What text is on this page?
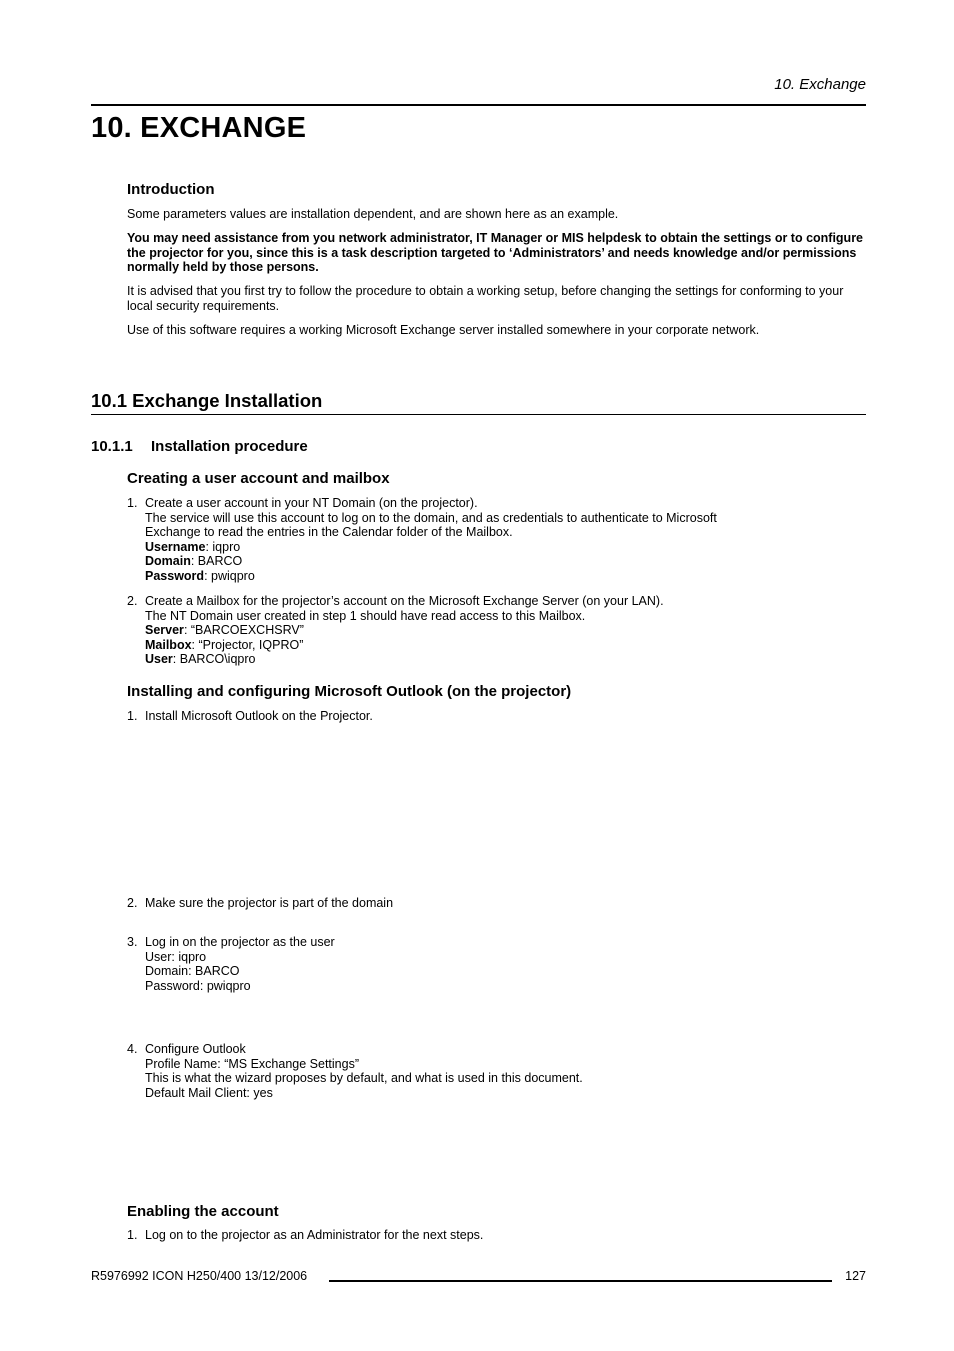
10. Exchange
10. EXCHANGE
Introduction
Some parameters values are installation dependent, and are shown here as an example.
You may need assistance from you network administrator, IT Manager or MIS helpdesk to obtain the settings or to configure the projector for you, since this is a task description targeted to ‘Administrators’ and needs knowledge and/or permissions normally held by those persons.
It is advised that you first try to follow the procedure to obtain a working setup, before changing the settings for conforming to your local security requirements.
Use of this software requires a working Microsoft Exchange server installed somewhere in your corporate network.
10.1 Exchange Installation
10.1.1 Installation procedure
Creating a user account and mailbox
1. Create a user account in your NT Domain (on the projector).
The service will use this account to log on to the domain, and as credentials to authenticate to Microsoft
Exchange to read the entries in the Calendar folder of the Mailbox.
Username: iqpro
Domain: BARCO
Password: pwiqpro
2. Create a Mailbox for the projector’s account on the Microsoft Exchange Server (on your LAN).
The NT Domain user created in step 1 should have read access to this Mailbox.
Server: “BARCOEXCHSRV”
Mailbox: “Projector, IQPRO”
User: BARCO\iqpro
Installing and configuring Microsoft Outlook (on the projector)
1. Install Microsoft Outlook on the Projector.
2. Make sure the projector is part of the domain
3. Log in on the projector as the user
User: iqpro
Domain: BARCO
Password: pwiqpro
4. Configure Outlook
Profile Name: “MS Exchange Settings”
This is what the wizard proposes by default, and what is used in this document.
Default Mail Client: yes
Enabling the account
1. Log on to the projector as an Administrator for the next steps.
R5976992 ICON H250/400 13/12/2006	127
